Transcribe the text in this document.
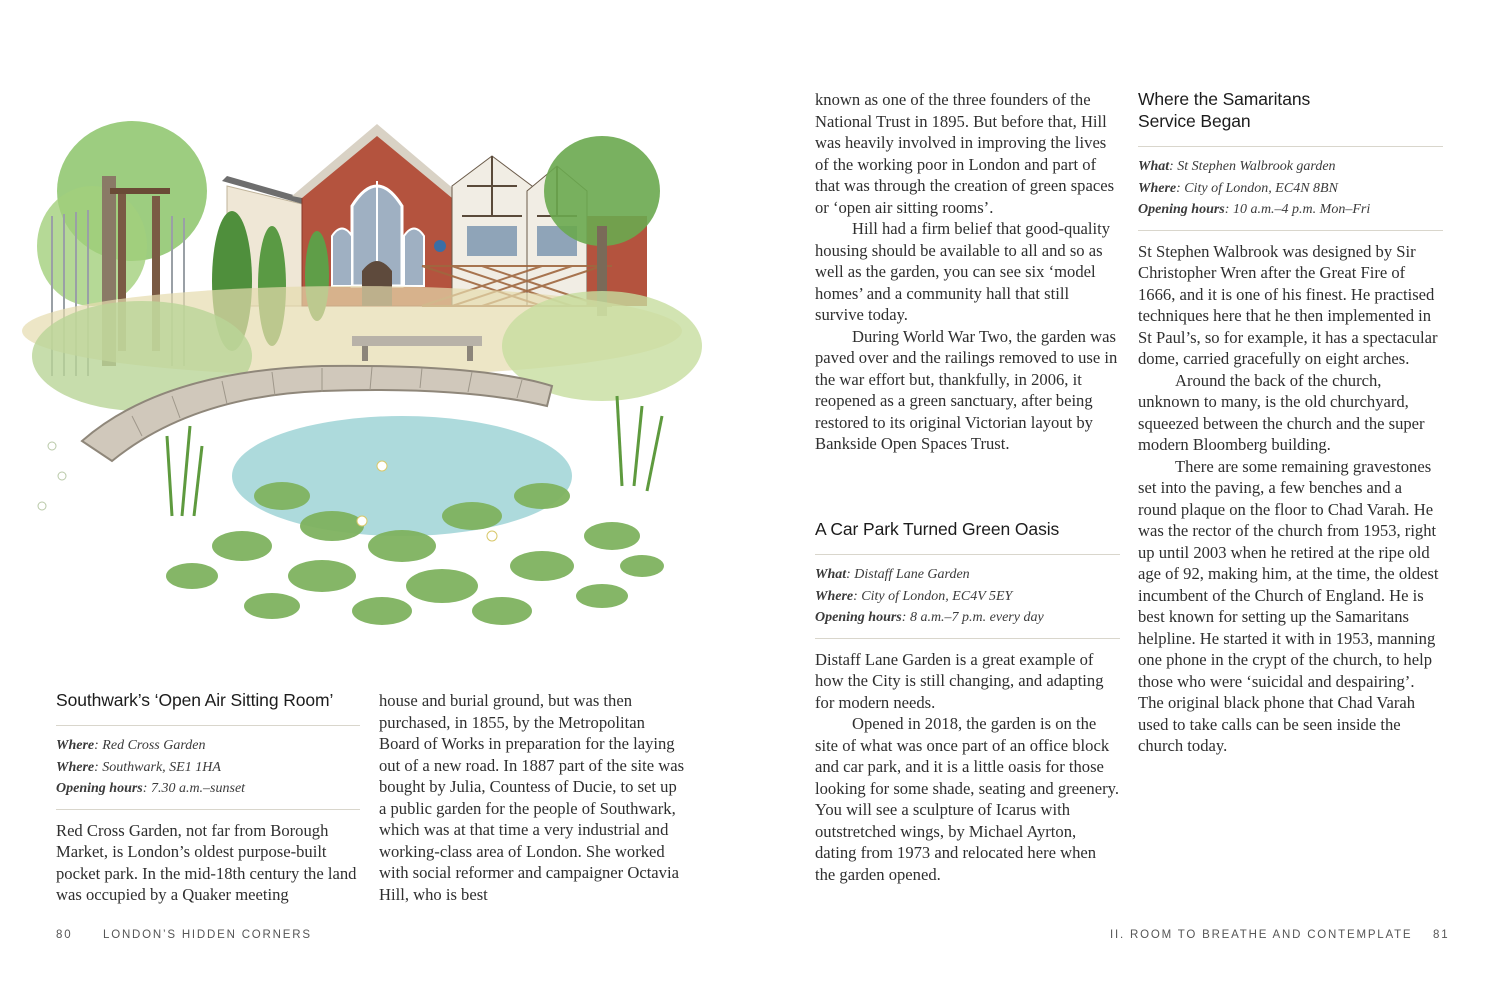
Southwark’s ‘Open Air Sitting Room’
Where: Red Cross Garden
Where: Southwark, SE1 1HA
Opening hours: 7.30 a.m.–sunset

Red Cross Garden, not far from Borough Market, is London’s oldest purpose-built pocket park. In the mid-18th century the land was occupied by a Quaker meeting

house and burial ground, but was then purchased, in 1855, by the Metropolitan Board of Works in preparation for the laying out of a new road. In 1887 part of the site was bought by Julia, Countess of Ducie, to set up a public garden for the people of Southwark, which was at that time a very industrial and working-class area of London. She worked with social reformer and campaigner Octavia Hill, who is best

80	LONDON’S HIDDEN CORNERS

known as one of the three founders of the National Trust in 1895. But before that, Hill was heavily involved in improving the lives of the working poor in London and part of that was through the creation of green spaces or ‘open air sitting rooms’.

Hill had a firm belief that good-quality housing should be available to all and so as well as the garden, you can see six ‘model homes’ and a community hall that still survive today.

During World War Two, the garden was paved over and the railings removed to use in the war effort but, thankfully, in 2006, it reopened as a green sanctuary, after being restored to its original Victorian layout by Bankside Open Spaces Trust.

A Car Park Turned Green Oasis
What: Distaff Lane Garden
Where: City of London, EC4V 5EY
Opening hours: 8 a.m.–7 p.m. every day

Distaff Lane Garden is a great example of how the City is still changing, and adapting for modern needs.

Opened in 2018, the garden is on the site of what was once part of an office block and car park, and it is a little oasis for those looking for some shade, seating and greenery. You will see a sculpture of Icarus with outstretched wings, by Michael Ayrton, dating from 1973 and relocated here when the garden opened.

Where the Samaritans
Service Began
What: St Stephen Walbrook garden
Where: City of London, EC4N 8BN
Opening hours: 10 a.m.–4 p.m. Mon–Fri

St Stephen Walbrook was designed by Sir Christopher Wren after the Great Fire of 1666, and it is one of his finest. He practised techniques here that he then implemented in St Paul’s, so for example, it has a spectacular dome, carried gracefully on eight arches.

Around the back of the church, unknown to many, is the old churchyard, squeezed between the church and the super modern Bloomberg building.

There are some remaining gravestones set into the paving, a few benches and a round plaque on the floor to Chad Varah. He was the rector of the church from 1953, right up until 2003 when he retired at the ripe old age of 92, making him, at the time, the oldest incumbent of the Church of England. He is best known for setting up the Samaritans helpline. He started it with in 1953, manning one phone in the crypt of the church, to help those who were ‘suicidal and despairing’. The original black phone that Chad Varah used to take calls can be seen inside the church today.

II. ROOM TO BREATHE AND CONTEMPLATE 81
